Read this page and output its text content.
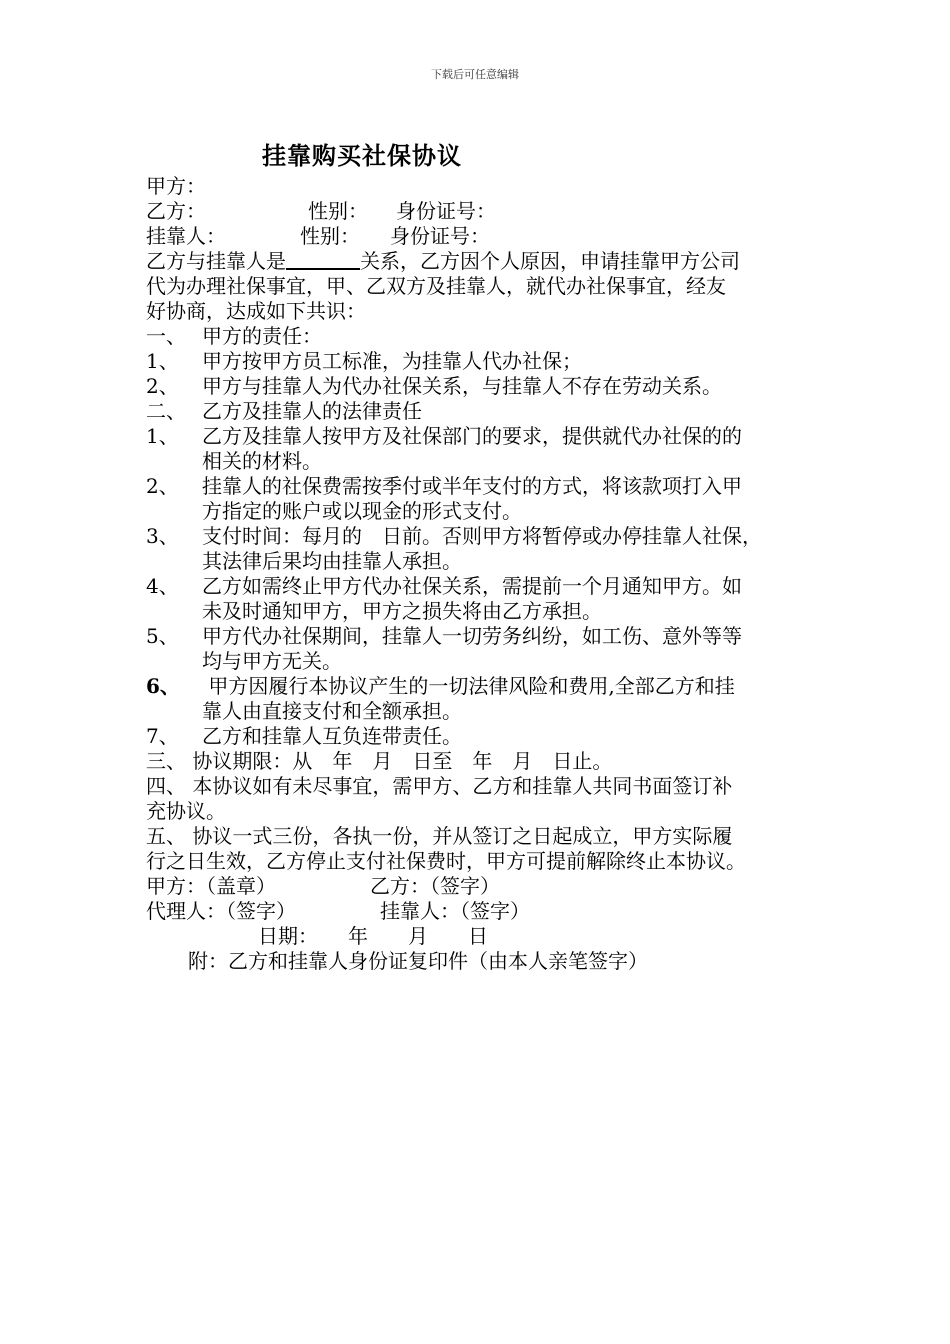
下载后可任意编辑
挂靠购买社保协议
甲方：
乙方：	性别： 身份证号：
挂靠人：	性别： 身份证号：
乙方与挂靠人是	关系，乙方因个人原因，申请挂靠甲方公司
代为办理社保事宜，甲、乙双方及挂靠人，就代办社保事宜，经友
好协商，达成如下共识：
一、 甲方的责任：
1、 甲方按甲方员工标准，为挂靠人代办社保；
2、 甲方与挂靠人为代办社保关系，与挂靠人不存在劳动关系。
二、 乙方及挂靠人的法律责任
1、 乙方及挂靠人按甲方及社保部门的要求，提供就代办社保的的
相关的材料。
2、 挂靠人的社保费需按季付或半年支付的方式，将该款项打入甲
方指定的账户或以现金的形式支付。
3、 支付时间：每月的　日前。否则甲方将暂停或办停挂靠人社保，
其法律后果均由挂靠人承担。
4、 乙方如需终止甲方代办社保关系，需提前一个月通知甲方。如
未及时通知甲方，甲方之损失将由乙方承担。
5、 甲方代办社保期间，挂靠人一切劳务纠纷，如工伤、意外等等
均与甲方无关。
6、 甲方因履行本协议产生的一切法律风险和费用,全部乙方和挂
靠人由直接支付和全额承担。
7、 乙方和挂靠人互负连带责任。
三、 协议期限：从　年　月　日至　年　月　日止。
四、 本协议如有未尽事宜，需甲方、乙方和挂靠人共同书面签订补
充协议。
五、 协议一式三份，各执一份，并从签订之日起成立，甲方实际履
行之日生效，乙方停止支付社保费时，甲方可提前解除终止本协议。
甲方：（盖章）	乙方：（签字）
代理人：（签字）	挂靠人：（签字）
日期：　　年　　月　　日
附：乙方和挂靠人身份证复印件（由本人亲笔签字）
